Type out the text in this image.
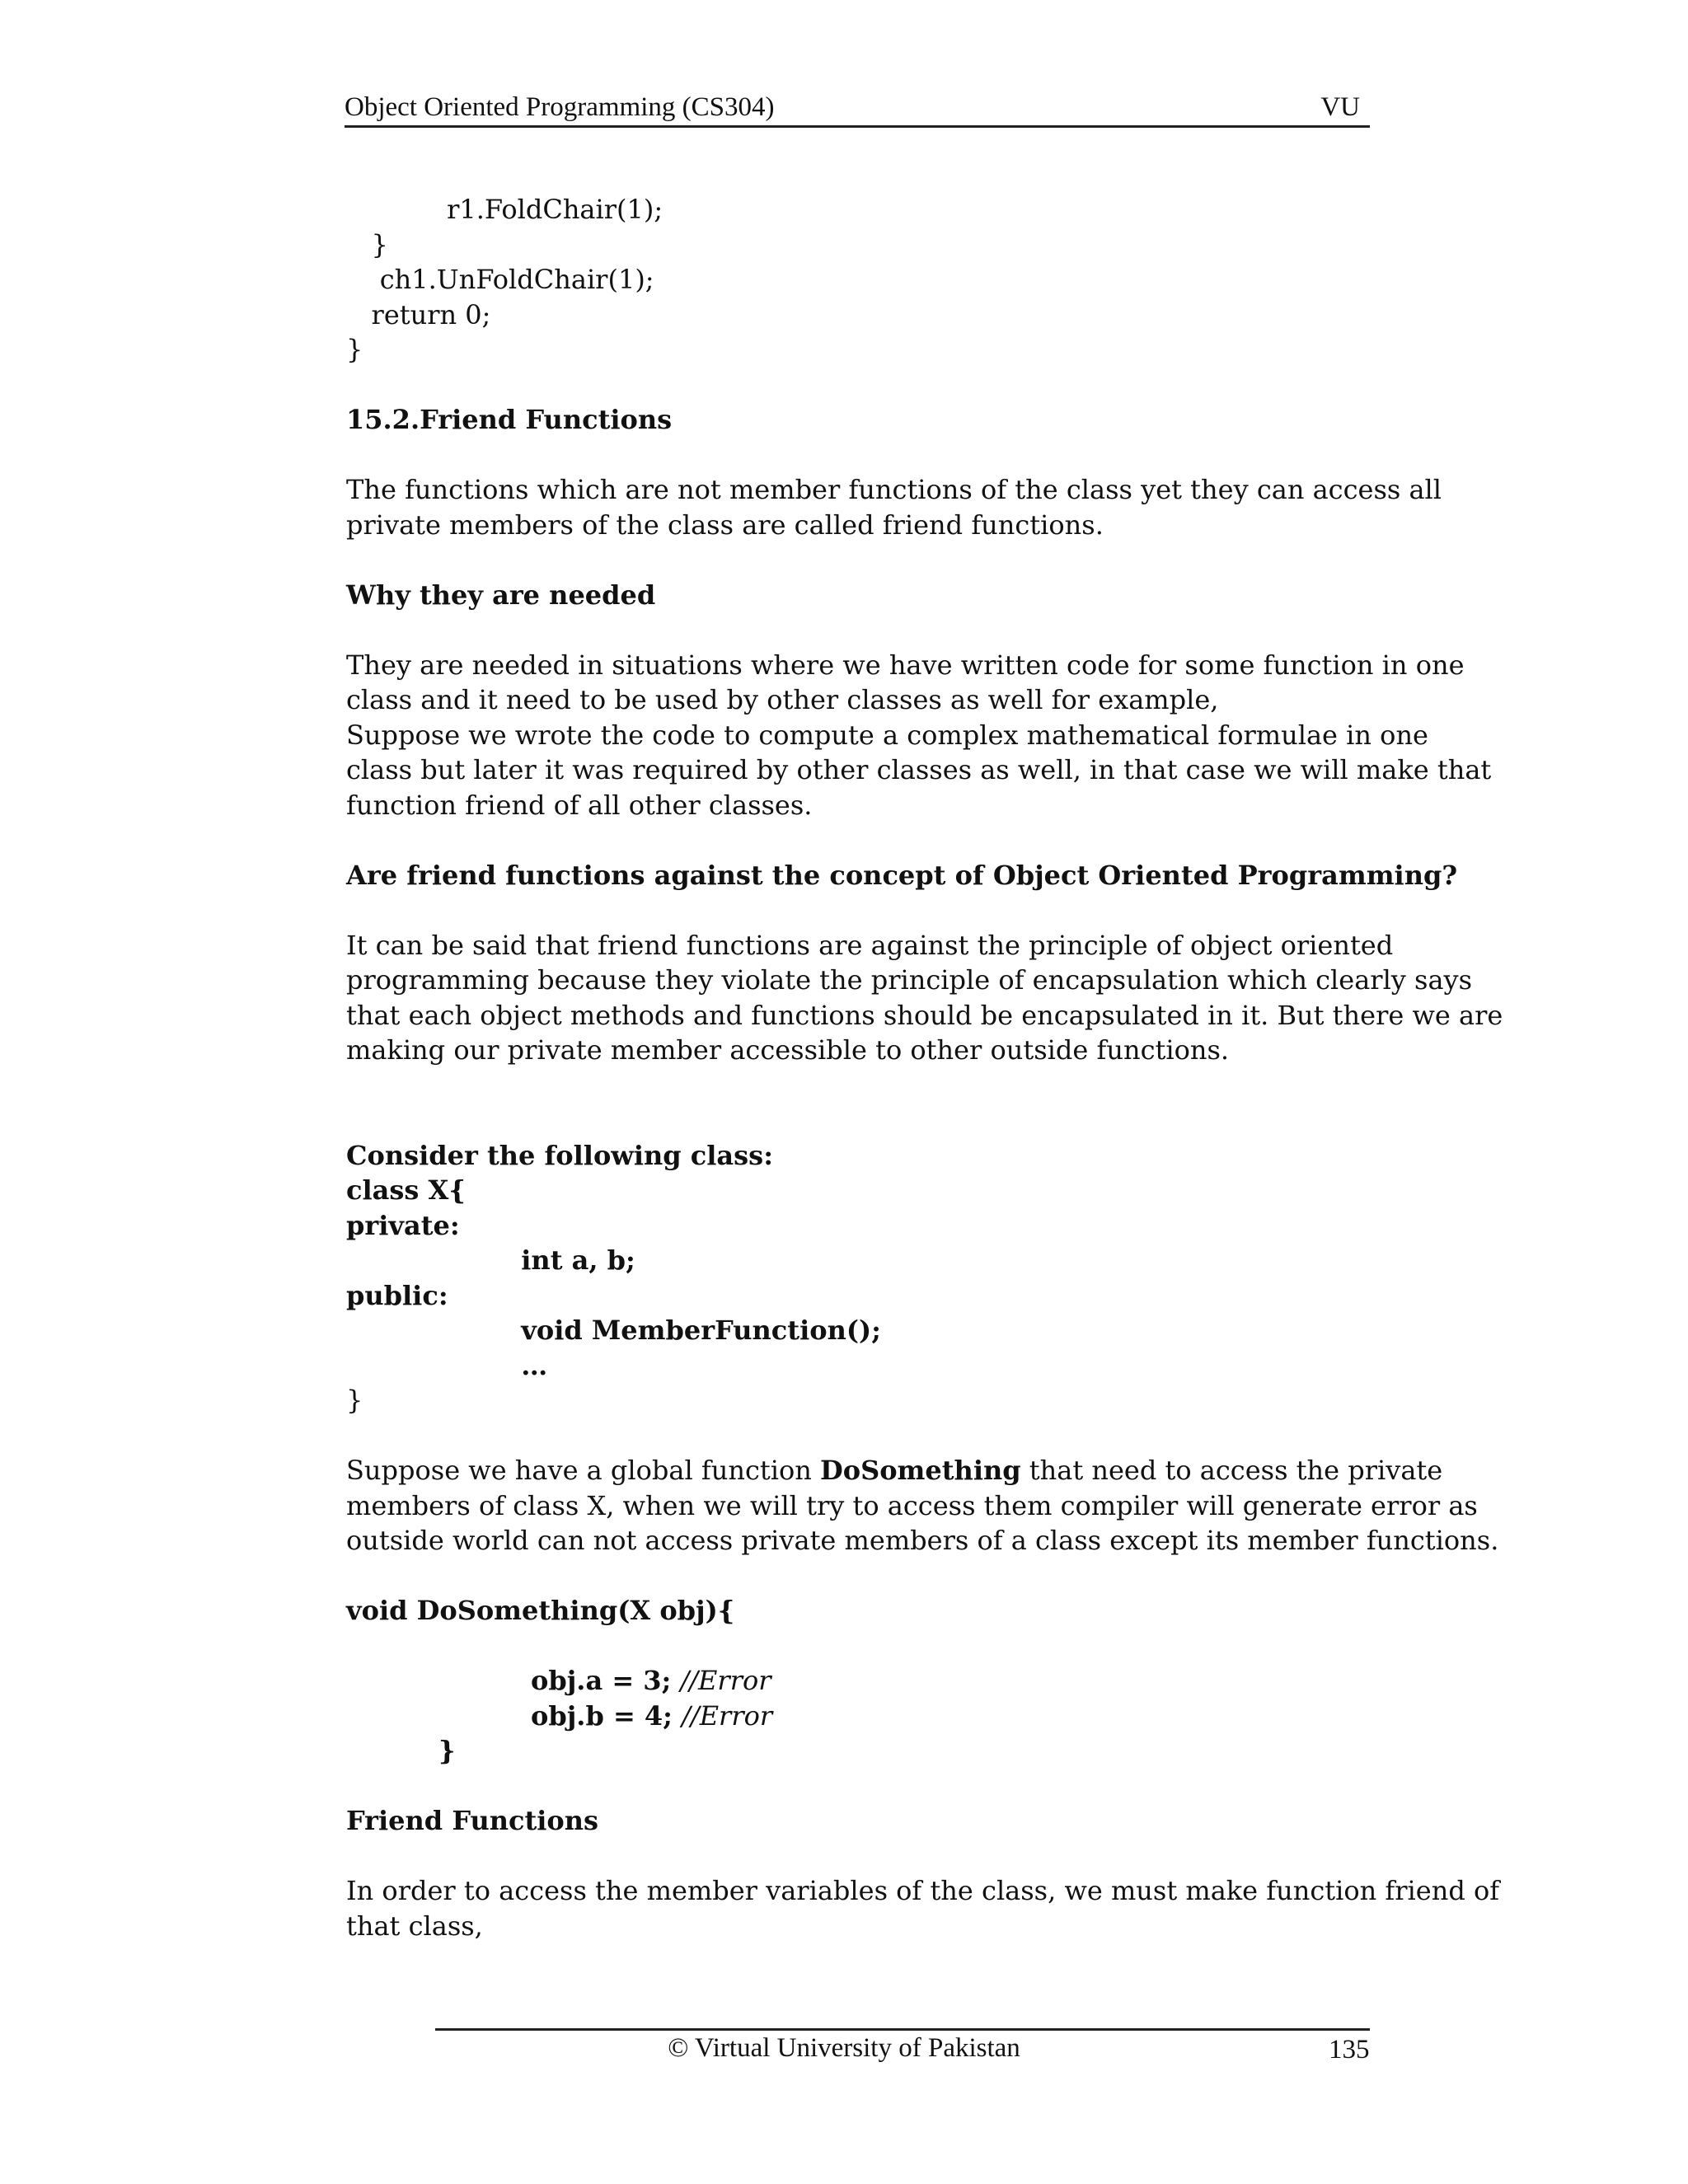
Object Oriented Programming (CS304)	VU
r1.FoldChair(1);
}
ch1.UnFoldChair(1);
return 0;
}
15.2.Friend Functions
The functions which are not member functions of the class yet they can access all
private members of the class are called friend functions.
Why they are needed
They are needed in situations where we have written code for some function in one
class and it need to be used by other classes as well for example,
Suppose we wrote the code to compute a complex mathematical formulae in one
class but later it was required by other classes as well, in that case we will make that
function friend of all other classes.
Are friend functions against the concept of Object Oriented Programming?
It can be said that friend functions are against the principle of object oriented
programming because they violate the principle of encapsulation which clearly says
that each object methods and functions should be encapsulated in it. But there we are
making our private member accessible to other outside functions.
Consider the following class:
class X{
private:
int a, b;
public:
void MemberFunction();
…
}
Suppose we have a global function DoSomething that need to access the private
members of class X, when we will try to access them compiler will generate error as
outside world can not access private members of a class except its member functions.
void DoSomething(X obj){
obj.a = 3; //Error
obj.b = 4; //Error
}
Friend Functions
In order to access the member variables of the class, we must make function friend of
that class,
© Virtual University of Pakistan	135
